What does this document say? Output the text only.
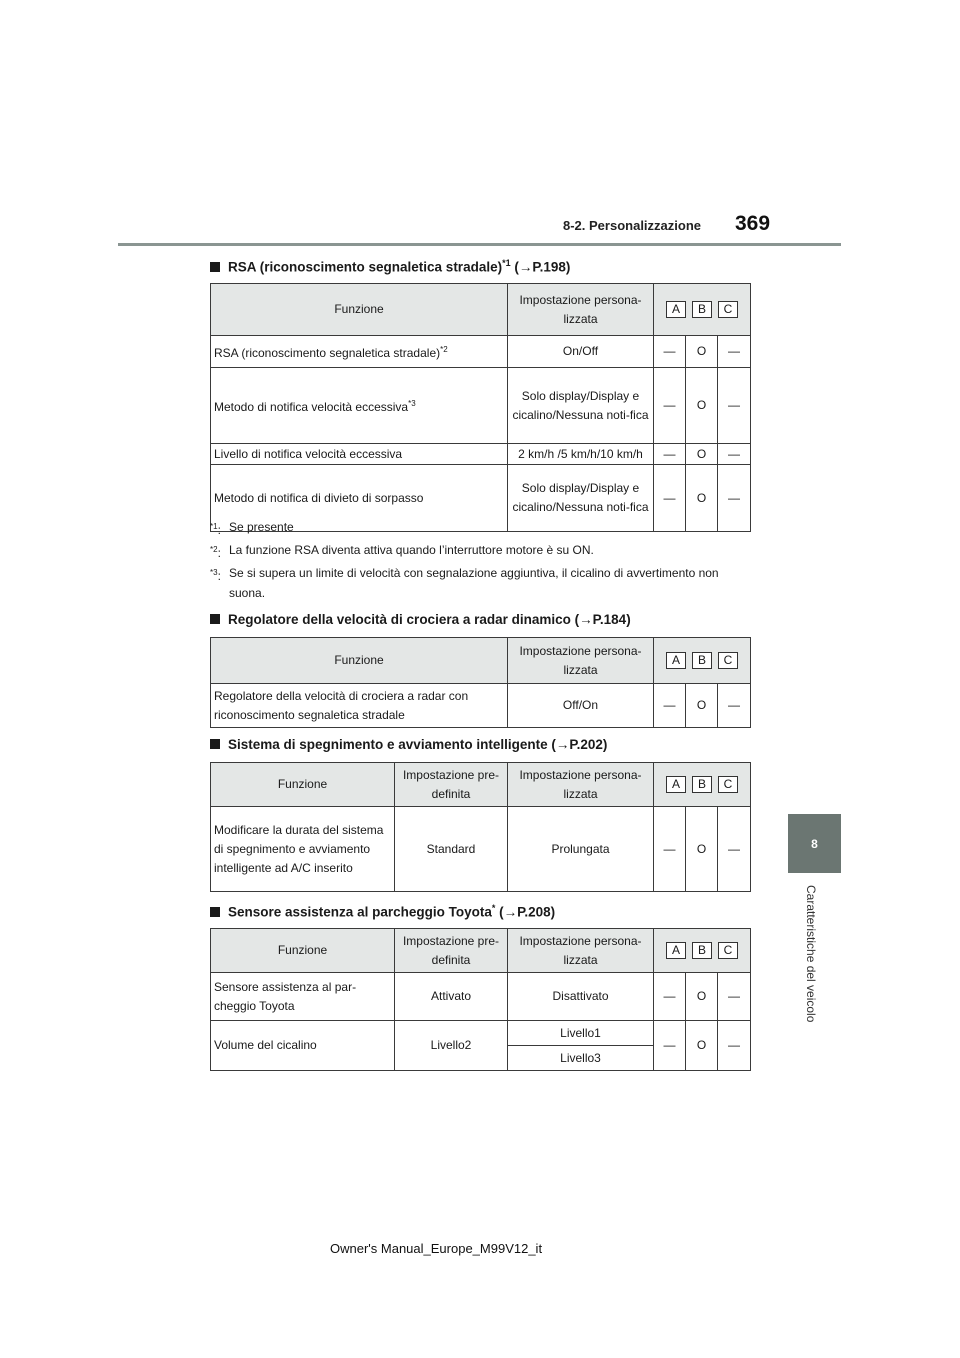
8-2. Personalizzazione 369
8
Caratteristiche del veicolo
RSA (riconoscimento segnaletica stradale)$^{*1}$ (→P.198)
Funzione	Impostazione persona-lizzata	A B C		
RSA (riconoscimento segnaletica stradale)$^{*2}$	On/Off	—	O	—
Metodo di notifica velocità eccessiva$^{*3}$	Solo display/Display e cicalino/Nessuna noti-fica	—	O	—
Livello di notifica velocità eccessiva	2 km/h /5 km/h/10 km/h	—	O	—
Metodo di notifica di divieto di sorpasso	Solo display/Display e cicalino/Nessuna noti-fica	—	O	—
$^{*1}$: Se presente
$^{*2}$: La funzione RSA diventa attiva quando l’interruttore motore è su ON.
$^{*3}$: Se si supera un limite di velocità con segnalazione aggiuntiva, il cicalino di avvertimento non suona.
Regolatore della velocità di crociera a radar dinamico (→P.184)
Funzione	Impostazione persona-lizzata	A B C		
Regolatore della velocità di crociera a radar con riconoscimento segnaletica stradale	Off/On	—	O	—
Sistema di spegnimento e avviamento intelligente (→P.202)
Funzione	Impostazione pre-definita	Impostazione persona-lizzata	A B C		
Modificare la durata del sistema di spegnimento e avviamento intelligente ad A/C inserito	Standard	Prolungata	—	O	—
Sensore assistenza al parcheggio Toyota* (→P.208)
Funzione	Impostazione pre-definita	Impostazione persona-lizzata	A B C		
Sensore assistenza al par-cheggio Toyota	Attivato	Disattivato	—	O	—
Volume del cicalino	Livello2	Livello1	—	O	—
		Livello3			
Owner's Manual_Europe_M99V12_it
